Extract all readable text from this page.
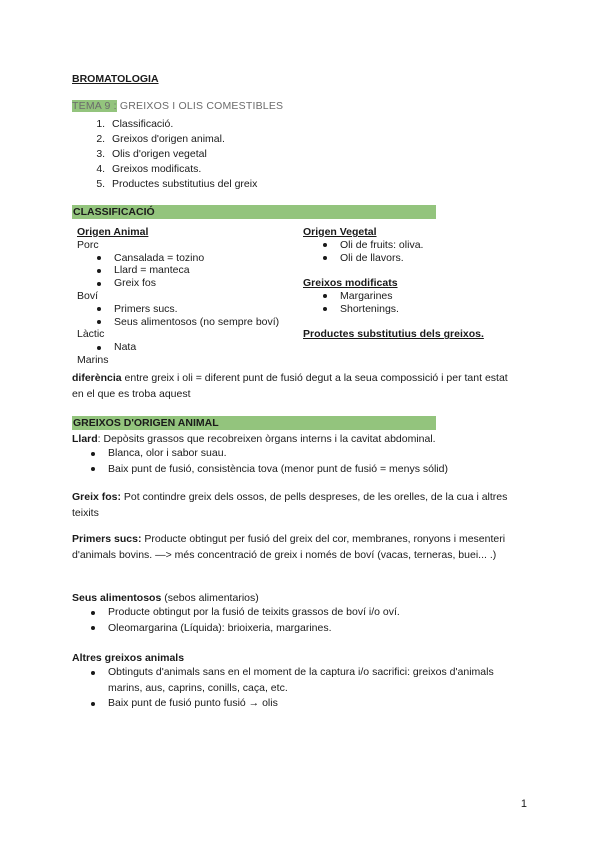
BROMATOLOGIA
TEMA 9 : GREIXOS I OLIS COMESTIBLES
1. Classificació.
2. Greixos d'origen animal.
3. Olis d'origen vegetal
4. Greixos modificats.
5. Productes substitutius del greix
CLASSIFICACIÓ
Origen Animal
Porc
Cansalada = tozino
Llard = manteca
Greix fos
Boví
Primers sucs.
Seus alimentosos (no sempre boví)
Làctic
Nata
Marins
Origen Vegetal
Oli de fruits: oliva.
Oli de llavors.
Greixos modificats
Margarines
Shortenings.
Productes substitutius dels greixos.
diferència entre greix i oli = diferent punt de fusió degut a la seua compossició i per tant estat en el que es troba aquest
GREIXOS D'ORIGEN ANIMAL
Llard: Depòsits grassos que recobreixen òrgans interns i la cavitat abdominal.
Blanca, olor i sabor suau.
Baix punt de fusió, consistència tova (menor punt de fusió = menys sólid)
Greix fos: Pot contindre greix dels ossos, de pells despreses, de les orelles, de la cua i altres teixits
Primers sucs: Producte obtingut per fusió del greix del cor, membranes, ronyons i mesenteri d'animals bovins. —> més concentració de greix i només de boví (vacas, terneras, buei... .)
Seus alimentosos (sebos alimentarios)
Producte obtingut por la fusió de teixits grassos de boví i/o oví.
Oleomargarina (Líquida): brioixeria, margarines.
Altres greixos animals
Obtinguts d'animals sans en el moment de la captura i/o sacrifici: greixos d'animals marins, aus, caprins, conills, caça, etc.
Baix punt de fusió punto fusió → olis
1
